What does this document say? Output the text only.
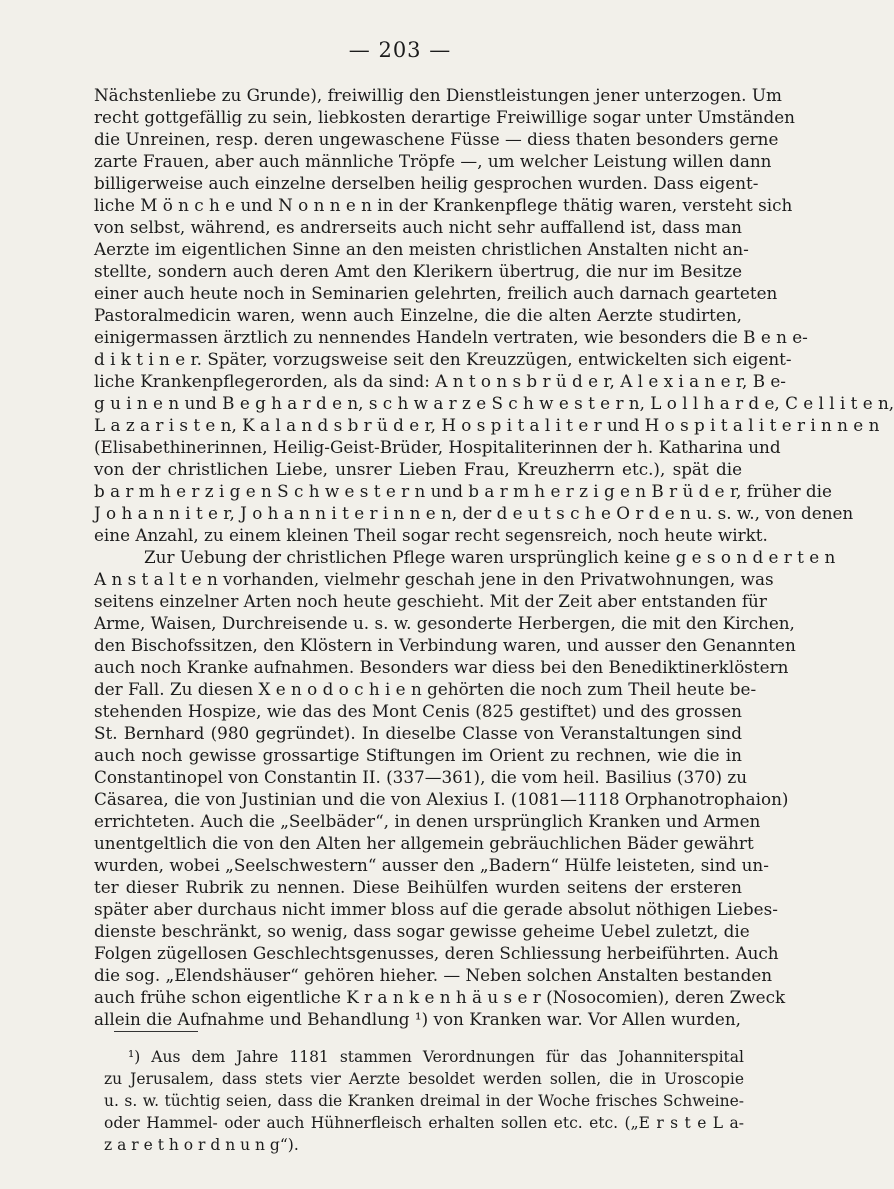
— 203 —
Nächstenliebe zu Grunde), freiwillig den Dienstleistungen jener unterzogen. Um
recht gottgefällig zu sein, liebkosten derartige Freiwillige sogar unter Umständen
die Unreinen, resp. deren ungewaschene Füsse — diess thaten besonders gerne
zarte Frauen, aber auch männliche Tröpfe —, um welcher Leistung willen dann
billigerweise auch einzelne derselben heilig gesprochen wurden. Dass eigent-
liche M ö n c h e und N o n n e n in der Krankenpflege thätig waren, versteht sich
von selbst, während, es andrerseits auch nicht sehr auffallend ist, dass man
Aerzte im eigentlichen Sinne an den meisten christlichen Anstalten nicht an-
stellte, sondern auch deren Amt den Klerikern übertrug, die nur im Besitze
einer auch heute noch in Seminarien gelehrten, freilich auch darnach gearteten
Pastoralmedicin waren, wenn auch Einzelne, die die alten Aerzte studirten,
einigermassen ärztlich zu nennendes Handeln vertraten, wie besonders die B e n e-
d i k t i n e r. Später, vorzugsweise seit den Kreuzzügen, entwickelten sich eigent-
liche Krankenpflegerorden, als da sind: A n t o n s b r ü d e r, A l e x i a n e r, B e-
g u i n e n und B e g h a r d e n, s c h w a r z e S c h w e s t e r n, L o l l h a r d e, C e l l i t e n,
L a z a r i s t e n, K a l a n d s b r ü d e r, H o s p i t a l i t e r und H o s p i t a l i t e r i n n e n
(Elisabethinerinnen, Heilig-Geist-Brüder, Hospitaliterinnen der h. Katharina und
von der christlichen Liebe, unsrer Lieben Frau, Kreuzherrn etc.), spät die
b a r m h e r z i g e n S c h w e s t e r n und b a r m h e r z i g e n B r ü d e r, früher die
J o h a n n i t e r, J o h a n n i t e r i n n e n, der d e u t s c h e O r d e n u. s. w., von denen
eine Anzahl, zu einem kleinen Theil sogar recht segensreich, noch heute wirkt.
Zur Uebung der christlichen Pflege waren ursprünglich keine g e s o n d e r t e n
A n s t a l t e n vorhanden, vielmehr geschah jene in den Privatwohnungen, was
seitens einzelner Arten noch heute geschieht. Mit der Zeit aber entstanden für
Arme, Waisen, Durchreisende u. s. w. gesonderte Herbergen, die mit den Kirchen,
den Bischofssitzen, den Klöstern in Verbindung waren, und ausser den Genannten
auch noch Kranke aufnahmen. Besonders war diess bei den Benediktinerklöstern
der Fall. Zu diesen X e n o d o c h i e n gehörten die noch zum Theil heute be-
stehenden Hospize, wie das des Mont Cenis (825 gestiftet) und des grossen
St. Bernhard (980 gegründet). In dieselbe Classe von Veranstaltungen sind
auch noch gewisse grossartige Stiftungen im Orient zu rechnen, wie die in
Constantinopel von Constantin II. (337—361), die vom heil. Basilius (370) zu
Cäsarea, die von Justinian und die von Alexius I. (1081—1118 Orphanotrophaion)
errichteten. Auch die „Seelbäder“, in denen ursprünglich Kranken und Armen
unentgeltlich die von den Alten her allgemein gebräuchlichen Bäder gewährt
wurden, wobei „Seelschwestern“ ausser den „Badern“ Hülfe leisteten, sind un-
ter dieser Rubrik zu nennen. Diese Beihülfen wurden seitens der ersteren
später aber durchaus nicht immer bloss auf die gerade absolut nöthigen Liebes-
dienste beschränkt, so wenig, dass sogar gewisse geheime Uebel zuletzt, die
Folgen zügellosen Geschlechtsgenusses, deren Schliessung herbeiführten. Auch
die sog. „Elendshäuser“ gehören hieher. — Neben solchen Anstalten bestanden
auch frühe schon eigentliche K r a n k e n h ä u s e r (Nosocomien), deren Zweck
allein die Aufnahme und Behandlung ¹) von Kranken war. Vor Allen wurden,
¹) Aus dem Jahre 1181 stammen Verordnungen für das Johanniterspital
zu Jerusalem, dass stets vier Aerzte besoldet werden sollen, die in Uroscopie
u. s. w. tüchtig seien, dass die Kranken dreimal in der Woche frisches Schweine-
oder Hammel- oder auch Hühnerfleisch erhalten sollen etc. etc. („E r s t e L a-
z a r e t h o r d n u n g“).
